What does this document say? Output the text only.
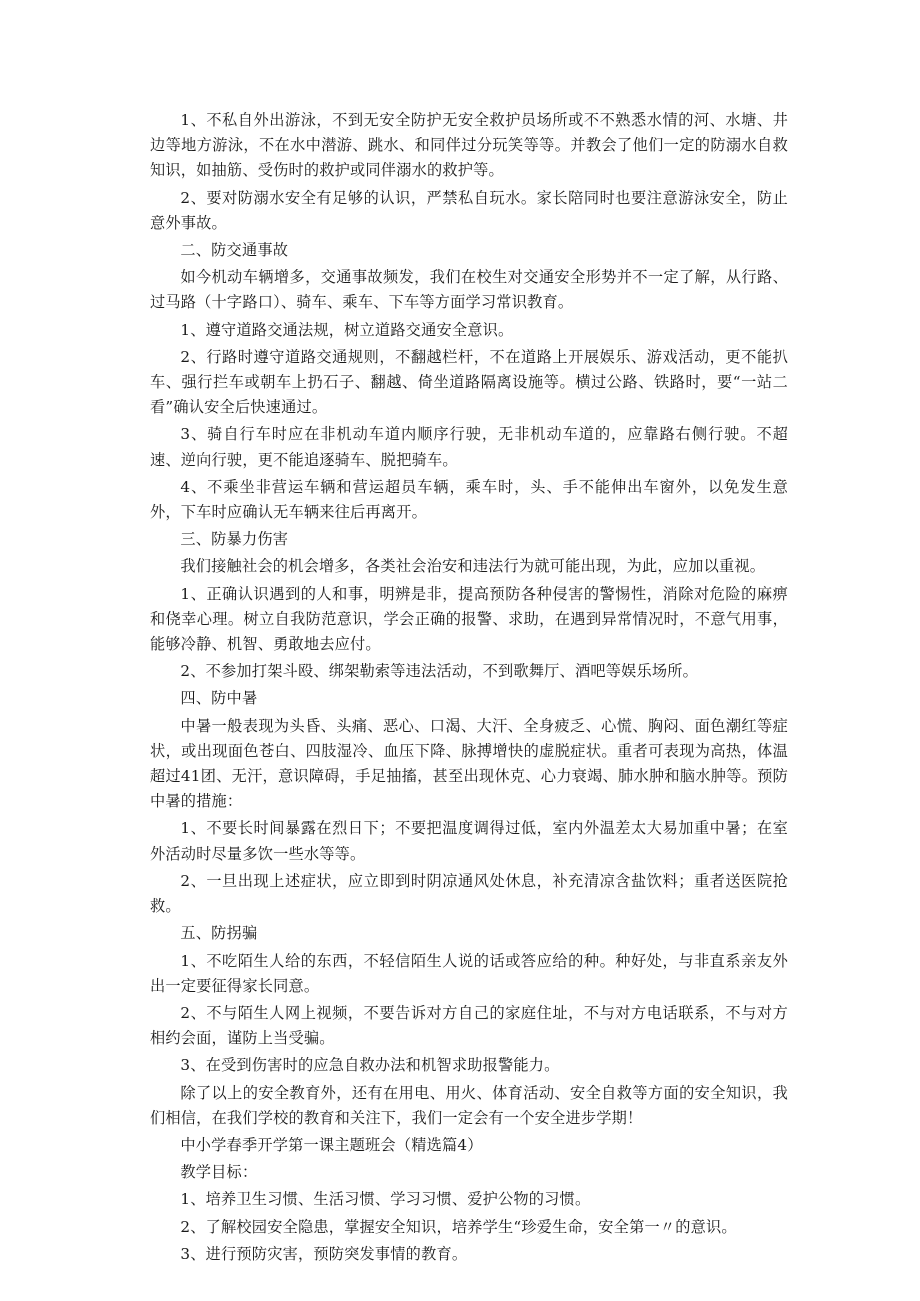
1、不私自外出游泳，不到无安全防护无安全救护员场所或不不熟悉水情的河、水塘、井边等地方游泳，不在水中潜游、跳水、和同伴过分玩笑等等。并教会了他们一定的防溺水自救知识，如抽筋、受伤时的救护或同伴溺水的救护等。

2、要对防溺水安全有足够的认识，严禁私自玩水。家长陪同时也要注意游泳安全，防止意外事故。

二、防交通事故

如今机动车辆增多，交通事故频发，我们在校生对交通安全形势并不一定了解，从行路、过马路（十字路口）、骑车、乘车、下车等方面学习常识教育。

1、遵守道路交通法规，树立道路交通安全意识。

2、行路时遵守道路交通规则，不翻越栏杆，不在道路上开展娱乐、游戏活动，更不能扒车、强行拦车或朝车上扔石子、翻越、倚坐道路隔离设施等。横过公路、铁路时，要“一站二看”确认安全后快速通过。

3、骑自行车时应在非机动车道内顺序行驶，无非机动车道的，应靠路右侧行驶。不超速、逆向行驶，更不能追逐骑车、脱把骑车。

4、不乘坐非营运车辆和营运超员车辆，乘车时，头、手不能伸出车窗外，以免发生意外，下车时应确认无车辆来往后再离开。

三、防暴力伤害

我们接触社会的机会增多，各类社会治安和违法行为就可能出现，为此，应加以重视。

1、正确认识遇到的人和事，明辨是非，提高预防各种侵害的警惕性，消除对危险的麻痹和侥幸心理。树立自我防范意识，学会正确的报警、求助，在遇到异常情况时，不意气用事，能够冷静、机智、勇敢地去应付。

2、不参加打架斗殴、绑架勒索等违法活动，不到歌舞厅、酒吧等娱乐场所。

四、防中暑

中暑一般表现为头昏、头痛、恶心、口渴、大汗、全身疲乏、心慌、胸闷、面色潮红等症状，或出现面色苍白、四肢湿冷、血压下降、脉搏增快的虚脱症状。重者可表现为高热，体温超过41团、无汗，意识障碍，手足抽搐，甚至出现休克、心力衰竭、肺水肿和脑水肿等。预防中暑的措施：

1、不要长时间暴露在烈日下；不要把温度调得过低，室内外温差太大易加重中暑；在室外活动时尽量多饮一些水等等。

2、一旦出现上述症状，应立即到时阴凉通风处休息，补充清凉含盐饮料；重者送医院抢救。

五、防拐骗

1、不吃陌生人给的东西，不轻信陌生人说的话或答应给的种。种好处，与非直系亲友外出一定要征得家长同意。

2、不与陌生人网上视频，不要告诉对方自己的家庭住址，不与对方电话联系，不与对方相约会面，谨防上当受骗。

3、在受到伤害时的应急自救办法和机智求助报警能力。

除了以上的安全教育外，还有在用电、用火、体育活动、安全自救等方面的安全知识，我们相信，在我们学校的教育和关注下，我们一定会有一个安全进步学期！

中小学春季开学第一课主题班会（精选篇4）

教学目标：

1、培养卫生习惯、生活习惯、学习习惯、爱护公物的习惯。

2、了解校园安全隐患，掌握安全知识，培养学生“珍爱生命，安全第一〃的意识。

3、进行预防灾害，预防突发事情的教育。
